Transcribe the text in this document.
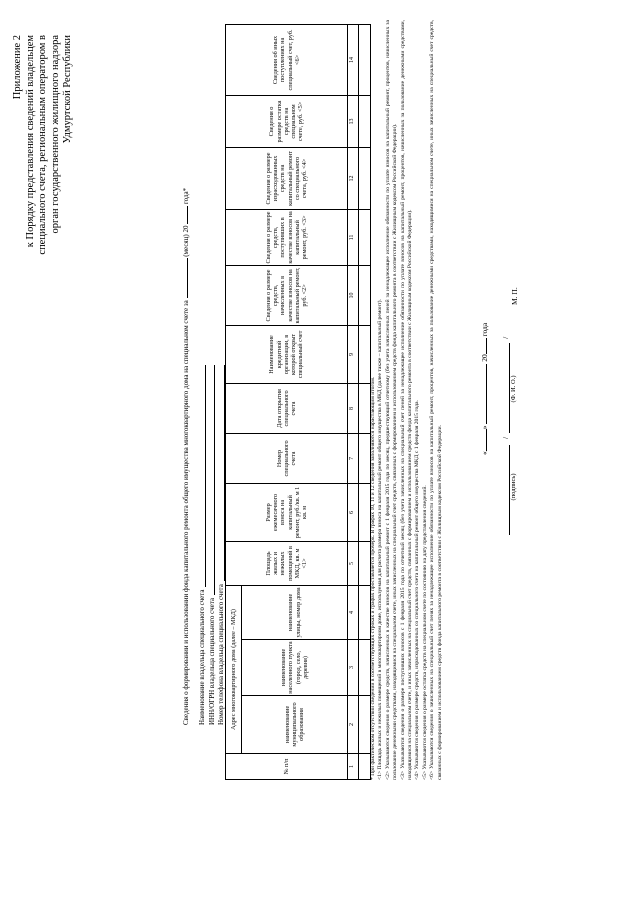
Приложение 2 к Порядку представления сведений владельцем специального счета, региональным оператором в орган государственного жилищного надзора Удмуртской Республики
Сведения о формировании и использовании фонда капитального ремонта общего имущества многоквартирного дома на специальном счете за  (месяц) 20  года*
Наименование владельца специального счета ИНН/ОГРН владельца специального счета Номер телефона владельца специального счета
№ п/п	Адрес многоквартирного дома (далее – МКД)			Площадь жилых и нежилых помещений в МКД, кв. м <1>	Размер ежемесячного взноса на капитальный ремонт, руб./кв. м 1 кв. м	Номер специального счета	Дата открытия специального счета	Наименование кредитной организации, в которой открыт специальный счет	Сведения о размере средств, начисленных в качестве взносов на капитальный ремонт, руб. <2>	Сведения о размере средств, поступивших в качестве взносов на капитальный ремонт, руб. <3>	Сведения о размере израсходованных средств на капитальный ремонт со специального счета, руб. <4>	Сведения о размере остатка средств на специальном счете, руб. <5>	Сведения об иных поступлениях на специальный счет, руб. <6>
	наименование муниципального образования	наименование населенного пункта (город, село, деревня)	наименование улицы, номер дома										
1	2	3	4	5	6	7	8	9	10	11	12	13	14

* При фактическом отсутствии сведений в соответствующих строках и графах проставляется прочерк. В графах 10, 11 и 12 сведения заполняются нарастающим итогом. <1> Площадь жилых и нежилых помещений в многоквартирном доме, используемая для расчета размера взноса на капитальный ремонт общего имущества в МКД (далее также – капитальный ремонт). <2> Указываются сведения о размере средств, начисленных в качестве взносов на капитальный ремонт с 1 февраля 2015 года по месяц, предшествующий отчетному (без учета начисленных пеней за ненадлежащее исполнение обязанности по уплате взносов на капитальный ремонт, процентов, начисленных за пользование денежными средствами, находящимися на специальном счете, иных зачисленных на специальный счет средств, связанных с формированием и использованием средств фонда капитального ремонта в соответствии с Жилищным кодексом Российской Федерации). <3> Указываются сведения о размере поступивших взносов с 1 февраля 2015 года по отчетный месяц (без учета зачисленных на специальный счет пеней за ненадлежащее исполнение обязанности по уплате взносов на капитальный ремонт, процентов, начисленных за пользование денежными средствами, находящимися на специальном счете, и иных зачисленных на специальный счет средств, связанных с формированием и использованием средств фонда капитального ремонта в соответствии с Жилищным кодексом Российской Федерации). <4> Указываются сведения о размере средств, израсходованных со специального счета на капитальный ремонт общего имущества МКД с 1 февраля 2015 года. <5> Указываются сведения о размере остатка средств на специальном счете по состоянию на дату представления сведений. <6> Указываются сведения о зачисленных на специальный счет пенях за ненадлежащее исполнение обязанности по уплате взносов на капитальный ремонт, процентов, начисленных за пользование денежными средствами, находящимися на специальном счете, иных зачисленных на специальный счет средств, связанных с формированием и использованием средств фонда капитального ремонта в соответствии с Жилищным кодексом Российской Федерации.	«»  20 года
/
/
(подпись)
(Ф. И. О.)
М. П.
